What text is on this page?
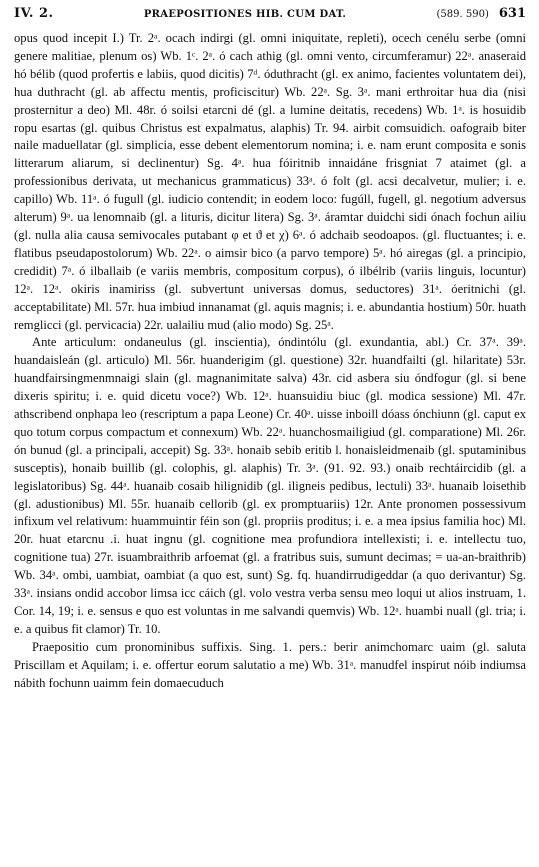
IV. 2.	PRAEPOSITIONES HIB. CUM DAT.	(589. 590) 631

opus quod incepit I.) Tr. 2ᵃ. ocach indirgi (gl. omni iniquitate, repleti), ocech cenélu serbe (omni genere malitiae, plenum os) Wb. 1ᶜ. 2ᵃ. ó cach athig (gl. omni vento, circumferamur) 22ᵃ. anaseraid hó bélib (quod profertis e labiis, quod dicitis) 7ᵈ. óduthracht (gl. ex animo, facientes voluntatem dei), hua duthracht (gl. ab affectu mentis, proficiscitur) Wb. 22ᵃ. Sg. 3ᵃ. mani erthroitar hua dia (nisi prosternitur a deo) Ml. 48r. ó soilsi etarcni dé (gl. a lumine deitatis, recedens) Wb. 1ᵃ. is hosuidib ropu esartas (gl. quibus Christus est expalmatus, alaphis) Tr. 94. airbit comsuidich. oafograib biter naile maduellatar (gl. simplicia, esse debent elementorum nomina; i. e. nam erunt composita e sonis litterarum aliarum, si declinentur) Sg. 4ᵃ. hua fóiritnib innaidáne frisgniat 7 ataimet (gl. a professionibus derivata, ut mechanicus grammaticus) 33ᵃ. ó folt (gl. acsi decalvetur, mulier; i. e. capillo) Wb. 11ᵃ. ó fugull (gl. iudicio contendit; in eodem loco: fugúll, fugell, gl. negotium adversus alterum) 9ᵃ. ua lenomnaib (gl. a lituris, dicitur litera) Sg. 3ᵃ. áramtar duidchi sidi ónach fochun ailiu (gl. nulla alia causa semivocales putabant φ et ϑ et χ) 6ᵃ. ó adchaib seodoapos. (gl. fluctuantes; i. e. flatibus pseudapostolorum) Wb. 22ᵃ. o aimsir bico (a parvo tempore) 5ᵃ. hó airegas (gl. a principio, credidit) 7ᵃ. ó ilballaib (e variis membris, compositum corpus), ó ilbélrib (variis linguis, locuntur) 12ᵃ. 12ᵃ. okiris inamiriss (gl. subvertunt universas domus, seductores) 31ᵃ. óeritnichi (gl. acceptabilitate) Ml. 57r. hua imbiud innanamat (gl. aquis magnis; i. e. abundantia hostium) 50r. huath remglicci (gl. pervicacia) 22r. ualailiu mud (alio modo) Sg. 25ᵃ.

Ante articulum: ondaneulus (gl. inscientia), óndintólu (gl. exundantia, abl.) Cr. 37ᵃ. 39ᵃ. huandaisleán (gl. articulo) Ml. 56r. huanderigim (gl. questione) 32r. huandfailti (gl. hilaritate) 53r. huandfairsingmenmnaigi slain (gl. magnanimitate salva) 43r. cid asbera siu óndfogur (gl. si bene dixeris spiritu; i. e. quid dicetu voce?) Wb. 12ᵃ. huansuidiu biuc (gl. modica sessione) Ml. 47r. athscribend onphapa leo (rescriptum a papa Leone) Cr. 40ᵃ. uisse inboill dóass ónchiunn (gl. caput ex quo totum corpus compactum et connexum) Wb. 22ᵃ. huanchosmailigiud (gl. comparatione) Ml. 26r. ón bunud (gl. a principali, accepit) Sg. 33ᵃ. honaib sebib eritib l. honaisleidmenaib (gl. sputaminibus susceptis), honaib buillib (gl. colophis, gl. alaphis) Tr. 3ᵃ. (91. 92. 93.) onaib rechtáircidib (gl. a legislatoribus) Sg. 44ᵃ. huanaib cosaib hilignidib (gl. iligneis pedibus, lectuli) 33ᵃ. huanaib loisethib (gl. adustionibus) Ml. 55r. huanaib cellorib (gl. ex promptuariis) 12r. Ante pronomen possessivum infixum vel relativum: huammuintir féin son (gl. propriis proditus; i. e. a mea ipsius familia hoc) Ml. 20r. huat etarcnu .i. huat ingnu (gl. cognitione mea profundiora intellexisti; i. e. intellectu tuo, cognitione tua) 27r. isuambraithrib arfoemat (gl. a fratribus suis, sumunt decimas; = ua-an-braithrib) Wb. 34ᵃ. ombi, uambiat, oambiat (a quo est, sunt) Sg. fq. huandirrudigeddar (a quo derivantur) Sg. 33ᵃ. insians ondid accobor limsa icc cáich (gl. volo vestra verba sensu meo loqui ut alios instruam, 1. Cor. 14, 19; i. e. sensus e quo est voluntas in me salvandi quemvis) Wb. 12ᵃ. huambi nuall (gl. tria; i. e. a quibus fit clamor) Tr. 10.

Praepositio cum pronominibus suffixis. Sing. 1. pers.: berir animchomarc uaim (gl. saluta Priscillam et Aquilam; i. e. offertur eorum salutatio a me) Wb. 31ᵃ. manudfel inspirut nóib indiumsa nábith fochunn uaimm fein domaecuduch
